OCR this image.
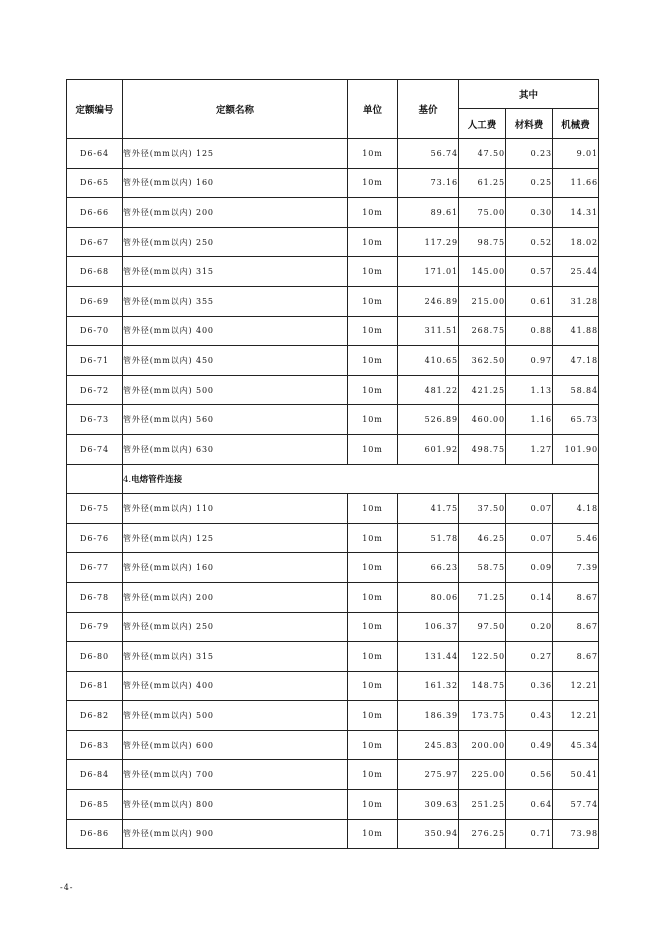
定额编号	定额名称	单位	基价	其中		
				人工费	材料费	机械费
D6-64	管外径(mm以内) 125	10m	56.74	47.50	0.23	9.01
D6-65	管外径(mm以内) 160	10m	73.16	61.25	0.25	11.66
D6-66	管外径(mm以内) 200	10m	89.61	75.00	0.30	14.31
D6-67	管外径(mm以内) 250	10m	117.29	98.75	0.52	18.02
D6-68	管外径(mm以内) 315	10m	171.01	145.00	0.57	25.44
D6-69	管外径(mm以内) 355	10m	246.89	215.00	0.61	31.28
D6-70	管外径(mm以内) 400	10m	311.51	268.75	0.88	41.88
D6-71	管外径(mm以内) 450	10m	410.65	362.50	0.97	47.18
D6-72	管外径(mm以内) 500	10m	481.22	421.25	1.13	58.84
D6-73	管外径(mm以内) 560	10m	526.89	460.00	1.16	65.73
D6-74	管外径(mm以内) 630	10m	601.92	498.75	1.27	101.90
	4.电熔管件连接					
D6-75	管外径(mm以内) 110	10m	41.75	37.50	0.07	4.18
D6-76	管外径(mm以内) 125	10m	51.78	46.25	0.07	5.46
D6-77	管外径(mm以内) 160	10m	66.23	58.75	0.09	7.39
D6-78	管外径(mm以内) 200	10m	80.06	71.25	0.14	8.67
D6-79	管外径(mm以内) 250	10m	106.37	97.50	0.20	8.67
D6-80	管外径(mm以内) 315	10m	131.44	122.50	0.27	8.67
D6-81	管外径(mm以内) 400	10m	161.32	148.75	0.36	12.21
D6-82	管外径(mm以内) 500	10m	186.39	173.75	0.43	12.21
D6-83	管外径(mm以内) 600	10m	245.83	200.00	0.49	45.34
D6-84	管外径(mm以内) 700	10m	275.97	225.00	0.56	50.41
D6-85	管外径(mm以内) 800	10m	309.63	251.25	0.64	57.74
D6-86	管外径(mm以内) 900	10m	350.94	276.25	0.71	73.98
-4-
